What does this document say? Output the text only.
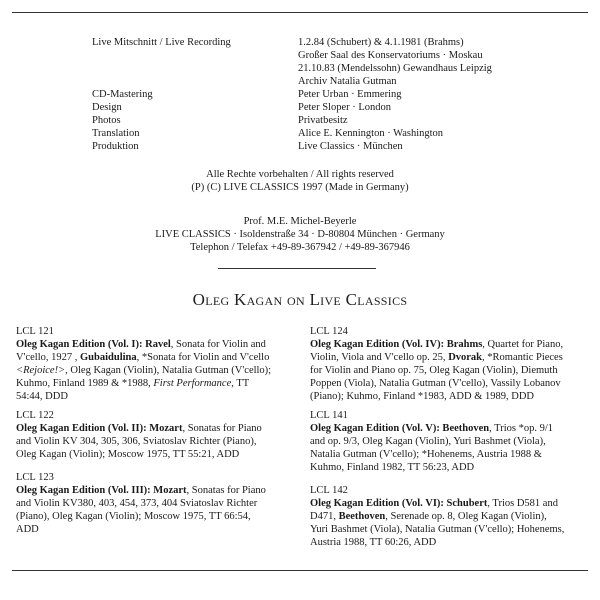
Live Mitschnitt / Live Recording	1.2.84 (Schubert) & 4.1.1981 (Brahms)
Großer Saal des Konservatoriums · Moskau
21.10.83 (Mendelssohn) Gewandhaus Leipzig
Archiv Natalia Gutman
CD-Mastering	Peter Urban · Emmering
Design	Peter Sloper · London
Photos	Privatbesitz
Translation	Alice E. Kennington · Washington
Produktion	Live Classics · München
Alle Rechte vorbehalten / All rights reserved
(P) (C) LIVE CLASSICS 1997 (Made in Germany)
Prof. M.E. Michel-Beyerle
LIVE CLASSICS · Isoldenstraße 34 · D-80804 München · Germany
Telephon / Telefax +49-89-367942 / +49-89-367946
Oleg Kagan on Live Classics
LCL 121
Oleg Kagan Edition (Vol. I): Ravel, Sonata for Violin and
V'cello, 1927 , Gubaidulina, *Sonata for Violin and V'cello
<Rejoice!>, Oleg Kagan (Violin), Natalia Gutman (V'cello);
Kuhmo, Finland 1989 & *1988, First Performance, TT
54:44, DDD
LCL 122
Oleg Kagan Edition (Vol. II): Mozart, Sonatas for Piano
and Violin KV 304, 305, 306, Sviatoslav Richter (Piano),
Oleg Kagan (Violin); Moscow 1975, TT 55:21, ADD
LCL 123
Oleg Kagan Edition (Vol. III): Mozart, Sonatas for Piano
and Violin KV380, 403, 454, 373, 404 Sviatoslav Richter
(Piano), Oleg Kagan (Violin); Moscow 1975, TT 66:54,
ADD
LCL 124
Oleg Kagan Edition (Vol. IV): Brahms, Quartet for Piano,
Violin, Viola and V'cello op. 25, Dvorak, *Romantic Pieces
for Violin and Piano op. 75, Oleg Kagan (Violin), Diemuth
Poppen (Viola), Natalia Gutman (V'cello), Vassily Lobanov
(Piano); Kuhmo, Finland *1983, ADD & 1989, DDD
LCL 141
Oleg Kagan Edition (Vol. V): Beethoven, Trios *op. 9/1
and op. 9/3, Oleg Kagan (Violin), Yuri Bashmet (Viola),
Natalia Gutman (V'cello); *Hohenems, Austria 1988 &
Kuhmo, Finland 1982, TT 56:23, ADD
LCL 142
Oleg Kagan Edition (Vol. VI): Schubert, Trios D581 and
D471, Beethoven, Serenade op. 8, Oleg Kagan (Violin),
Yuri Bashmet (Viola), Natalia Gutman (V'cello); Hohenems,
Austria 1988, TT 60:26, ADD
